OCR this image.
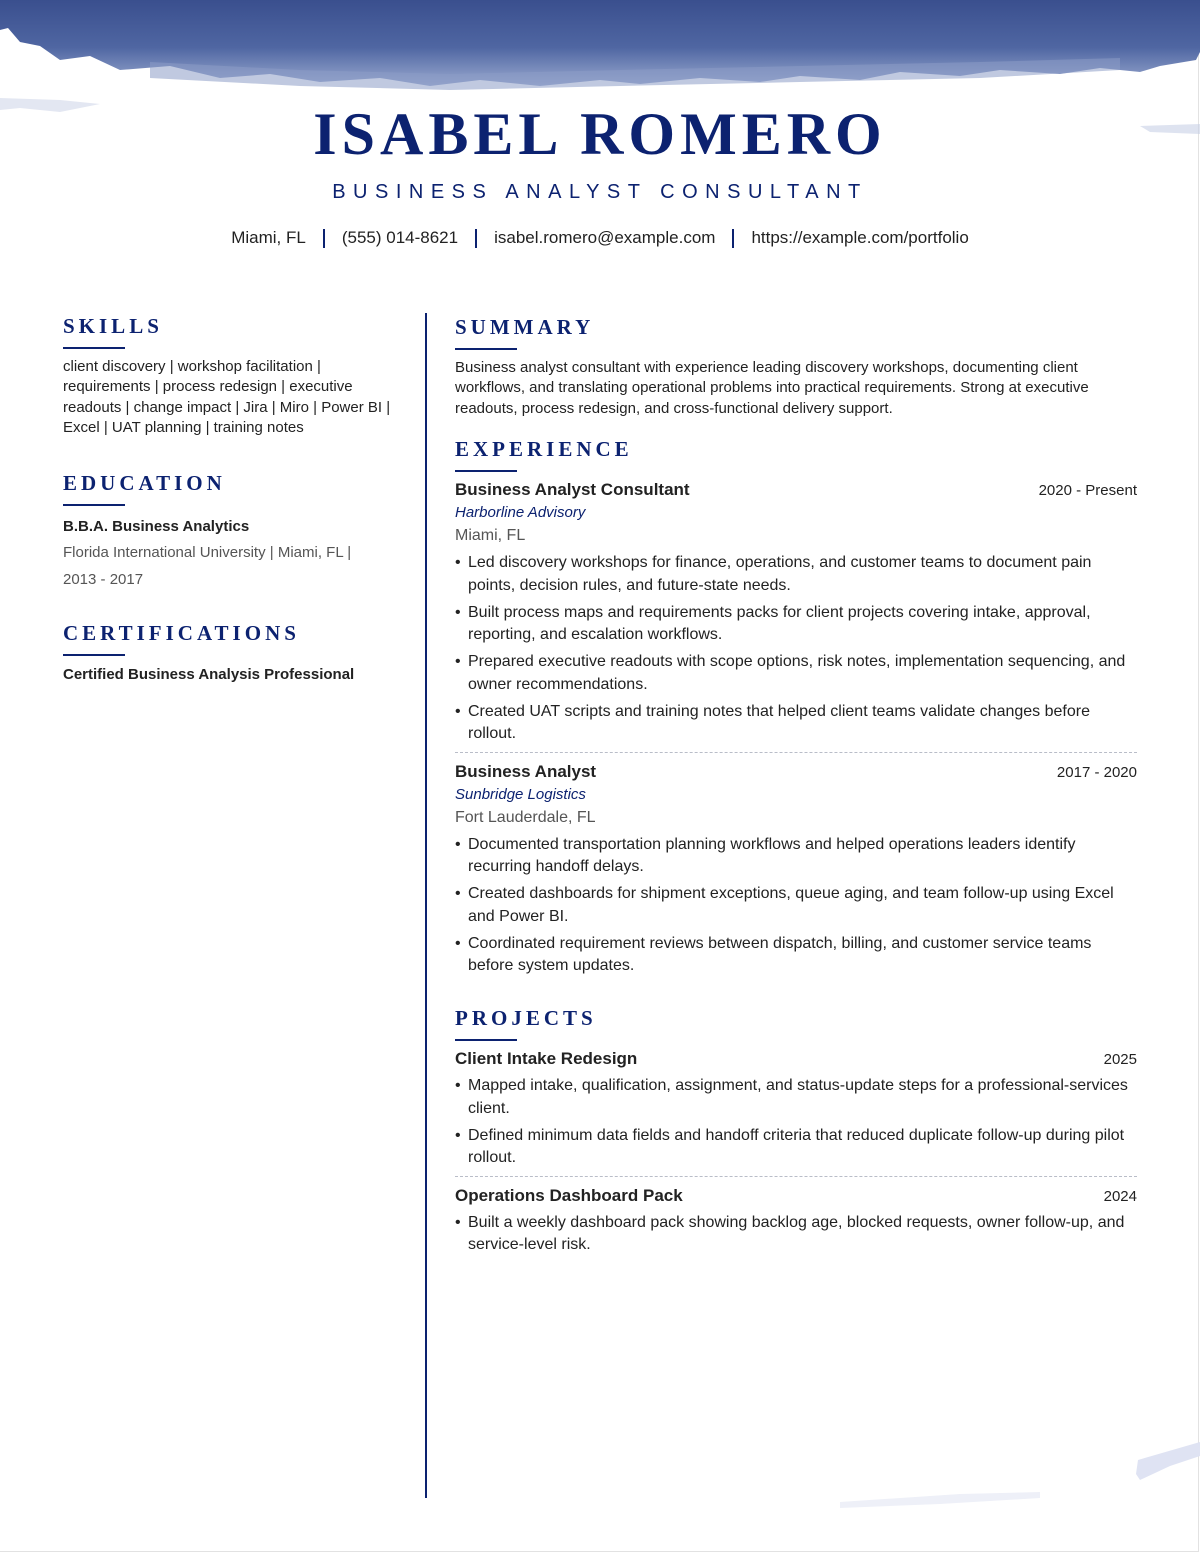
ISABEL ROMERO
BUSINESS ANALYST CONSULTANT
Miami, FL (555) 014-8621 isabel.romero@example.com https://example.com/portfolio
SKILLS
client discovery | workshop facilitation | requirements | process redesign | executive readouts | change impact | Jira | Miro | Power BI | Excel | UAT planning | training notes
EDUCATION
B.B.A. Business Analytics
Florida International University | Miami, FL |
2013 - 2017
CERTIFICATIONS
Certified Business Analysis Professional
SUMMARY
Business analyst consultant with experience leading discovery workshops, documenting client workflows, and translating operational problems into practical requirements. Strong at executive readouts, process redesign, and cross-functional delivery support.
EXPERIENCE
Business Analyst Consultant	2020 - Present
Harborline Advisory
Miami, FL
• Led discovery workshops for finance, operations, and customer teams to document pain points, decision rules, and future-state needs.
• Built process maps and requirements packs for client projects covering intake, approval, reporting, and escalation workflows.
• Prepared executive readouts with scope options, risk notes, implementation sequencing, and owner recommendations.
• Created UAT scripts and training notes that helped client teams validate changes before rollout.
Business Analyst	2017 - 2020
Sunbridge Logistics
Fort Lauderdale, FL
• Documented transportation planning workflows and helped operations leaders identify recurring handoff delays.
• Created dashboards for shipment exceptions, queue aging, and team follow-up using Excel and Power BI.
• Coordinated requirement reviews between dispatch, billing, and customer service teams before system updates.
PROJECTS
Client Intake Redesign	2025
• Mapped intake, qualification, assignment, and status-update steps for a professional-services client.
• Defined minimum data fields and handoff criteria that reduced duplicate follow-up during pilot rollout.
Operations Dashboard Pack	2024
• Built a weekly dashboard pack showing backlog age, blocked requests, owner follow-up, and service-level risk.
